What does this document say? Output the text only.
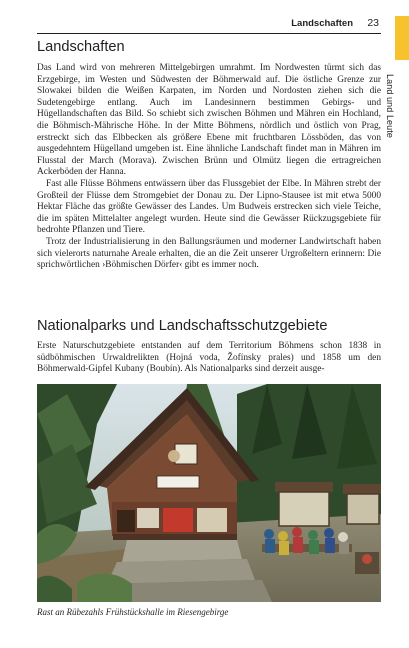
Landschaften 23
Land und Leute
Landschaften

Das Land wird von mehreren Mittelgebirgen umrahmt. Im Nordwesten türmt sich das Erzgebirge, im Westen und Südwesten der Böhmerwald auf. Die östliche Grenze zur Slowakei bilden die Weißen Karpaten, im Norden und Nordosten ziehen sich die Sudetengebirge entlang. Auch im Landesinnern bestimmen Gebirgs- und Hügellandschaften das Bild. So schiebt sich zwischen Böhmen und Mähren ein Hochland, die Böhmisch-Mährische Höhe. In der Mitte Böhmens, nördlich und östlich von Prag, erstreckt sich das Elbbecken als größere Ebene mit fruchtbaren Lössböden, das von ausgedehntem Hügelland umgeben ist. Eine ähnliche Landschaft findet man in Mähren im Flusstal der March (Morava). Zwischen Brünn und Olmütz liegen die ertragreichen Ackerböden der Hanna.

Fast alle Flüsse Böhmens entwässern über das Flussgebiet der Elbe. In Mähren strebt der Großteil der Flüsse dem Stromgebiet der Donau zu. Der Lipno-Stausee ist mit etwa 5000 Hektar Fläche das größte Gewässer des Landes. Um Budweis erstrecken sich viele Teiche, die im späten Mittelalter angelegt wurden. Heute sind die Gewässer Rückzugsgebiete für bedrohte Pflanzen und Tiere.

Trotz der Industrialisierung in den Ballungsräumen und moderner Landwirtschaft haben sich vielerorts naturnahe Areale erhalten, die an die Zeit unserer Urgroßeltern erinnern: Die sprichwörtlichen ›Böhmischen Dörfer‹ gibt es immer noch.

Nationalparks und Landschaftsschutzgebiete

Erste Naturschutzgebiete entstanden auf dem Territorium Böhmens schon 1838 in südböhmischen Urwaldrelikten (Hojná voda, Žofínsky prales) und 1858 um den Böhmerwald-Gipfel Kubany (Boubín). Als Nationalparks sind derzeit ausge-

Rast an Rübezahls Frühstückshalle im Riesengebirge
